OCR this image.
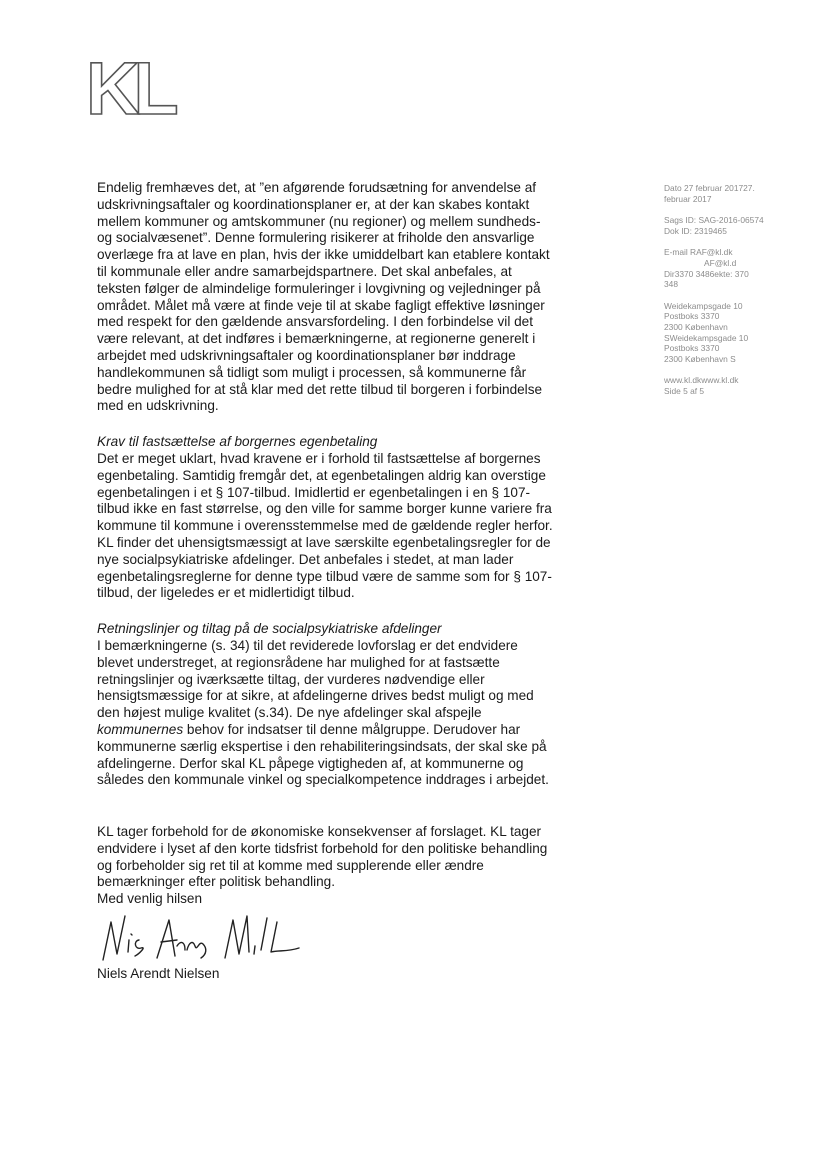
KL
Dato 27 februar 201727.
februar 2017
Sags ID: SAG-2016-06574
Dok ID: 2319465
E-mail RAF@kl.dk
AF@kl.d
Dir3370 3486ekte: 370
348
Weidekampsgade 10
Postboks 3370
2300 København
SWeidekampsgade 10
Postboks 3370
2300 København S
www.kl.dkwww.kl.dk
Side 5 af 5

Endelig fremhæves det, at ”en afgørende forudsætning for anvendelse af udskrivningsaftaler og koordinationsplaner er, at der kan skabes kontakt mellem kommuner og amtskommuner (nu regioner) og mellem sundheds- og socialvæsenet”. Denne formulering risikerer at friholde den ansvarlige overlæge fra at lave en plan, hvis der ikke umiddelbart kan etablere kontakt til kommunale eller andre samarbejdspartnere. Det skal anbefales, at teksten følger de almindelige formuleringer i lovgivning og vejledninger på området. Målet må være at finde veje til at skabe fagligt effektive løsninger med respekt for den gældende ansvarsfordeling. I den forbindelse vil det være relevant, at det indføres i bemærkningerne, at regionerne generelt i arbejdet med udskrivningsaftaler og koordinationsplaner bør inddrage handlekommunen så tidligt som muligt i processen, så kommunerne får bedre mulighed for at stå klar med det rette tilbud til borgeren i forbindelse med en udskrivning.

Krav til fastsættelse af borgernes egenbetaling

Det er meget uklart, hvad kravene er i forhold til fastsættelse af borgernes egenbetaling. Samtidig fremgår det, at egenbetalingen aldrig kan overstige egenbetalingen i et § 107-tilbud. Imidlertid er egenbetalingen i en § 107-tilbud ikke en fast størrelse, og den ville for samme borger kunne variere fra kommune til kommune i overensstemmelse med de gældende regler herfor. KL finder det uhensigtsmæssigt at lave særskilte egenbetalingsregler for de nye socialpsykiatriske afdelinger. Det anbefales i stedet, at man lader egenbetalingsreglerne for denne type tilbud være de samme som for § 107-tilbud, der ligeledes er et midlertidigt tilbud.

Retningslinjer og tiltag på de socialpsykiatriske afdelinger

I bemærkningerne (s. 34) til det reviderede lovforslag er det endvidere blevet understreget, at regionsrådene har mulighed for at fastsætte retningslinjer og iværksætte tiltag, der vurderes nødvendige eller hensigtsmæssige for at sikre, at afdelingerne drives bedst muligt og med den højest mulige kvalitet (s.34). De nye afdelinger skal afspejle kommunernes behov for indsatser til denne målgruppe. Derudover har kommunerne særlig ekspertise i den rehabiliteringsindsats, der skal ske på afdelingerne. Derfor skal KL påpege vigtigheden af, at kommunerne og således den kommunale vinkel og specialkompetence inddrages i arbejdet.

KL tager forbehold for de økonomiske konsekvenser af forslaget. KL tager endvidere i lyset af den korte tidsfrist forbehold for den politiske behandling og forbeholder sig ret til at komme med supplerende eller ændre bemærkninger efter politisk behandling.

Med venlig hilsen

Niels Arendt Nielsen
